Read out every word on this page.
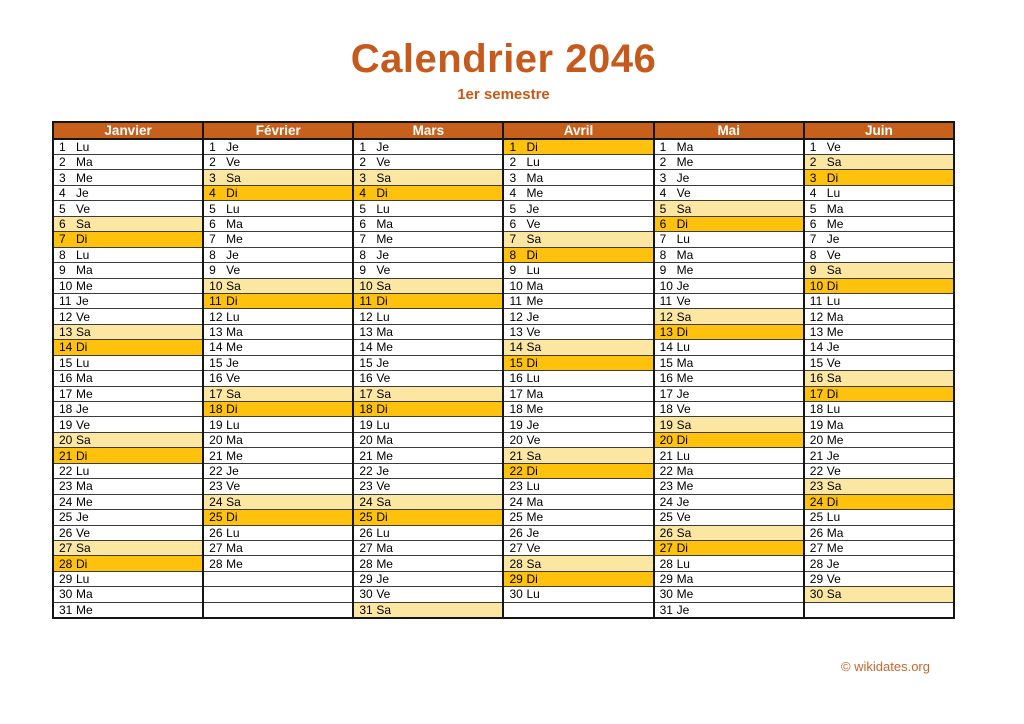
Calendrier 2046
1er semestre
Janvier	Février	Mars	Avril	Mai	Juin
1 Lu	1 Je	1 Je	1 Di	1 Ma	1 Ve
2 Ma	2 Ve	2 Ve	2 Lu	2 Me	2 Sa
3 Me	3 Sa	3 Sa	3 Ma	3 Je	3 Di
4 Je	4 Di	4 Di	4 Me	4 Ve	4 Lu
5 Ve	5 Lu	5 Lu	5 Je	5 Sa	5 Ma
6 Sa	6 Ma	6 Ma	6 Ve	6 Di	6 Me
7 Di	7 Me	7 Me	7 Sa	7 Lu	7 Je
8 Lu	8 Je	8 Je	8 Di	8 Ma	8 Ve
9 Ma	9 Ve	9 Ve	9 Lu	9 Me	9 Sa
10 Me	10 Sa	10 Sa	10 Ma	10 Je	10 Di
11 Je	11 Di	11 Di	11 Me	11 Ve	11 Lu
12 Ve	12 Lu	12 Lu	12 Je	12 Sa	12 Ma
13 Sa	13 Ma	13 Ma	13 Ve	13 Di	13 Me
14 Di	14 Me	14 Me	14 Sa	14 Lu	14 Je
15 Lu	15 Je	15 Je	15 Di	15 Ma	15 Ve
16 Ma	16 Ve	16 Ve	16 Lu	16 Me	16 Sa
17 Me	17 Sa	17 Sa	17 Ma	17 Je	17 Di
18 Je	18 Di	18 Di	18 Me	18 Ve	18 Lu
19 Ve	19 Lu	19 Lu	19 Je	19 Sa	19 Ma
20 Sa	20 Ma	20 Ma	20 Ve	20 Di	20 Me
21 Di	21 Me	21 Me	21 Sa	21 Lu	21 Je
22 Lu	22 Je	22 Je	22 Di	22 Ma	22 Ve
23 Ma	23 Ve	23 Ve	23 Lu	23 Me	23 Sa
24 Me	24 Sa	24 Sa	24 Ma	24 Je	24 Di
25 Je	25 Di	25 Di	25 Me	25 Ve	25 Lu
26 Ve	26 Lu	26 Lu	26 Je	26 Sa	26 Ma
27 Sa	27 Ma	27 Ma	27 Ve	27 Di	27 Me
28 Di	28 Me	28 Me	28 Sa	28 Lu	28 Je
29 Lu		29 Je	29 Di	29 Ma	29 Ve
30 Ma		30 Ve	30 Lu	30 Me	30 Sa
31 Me		31 Sa		31 Je	
© wikidates.org
